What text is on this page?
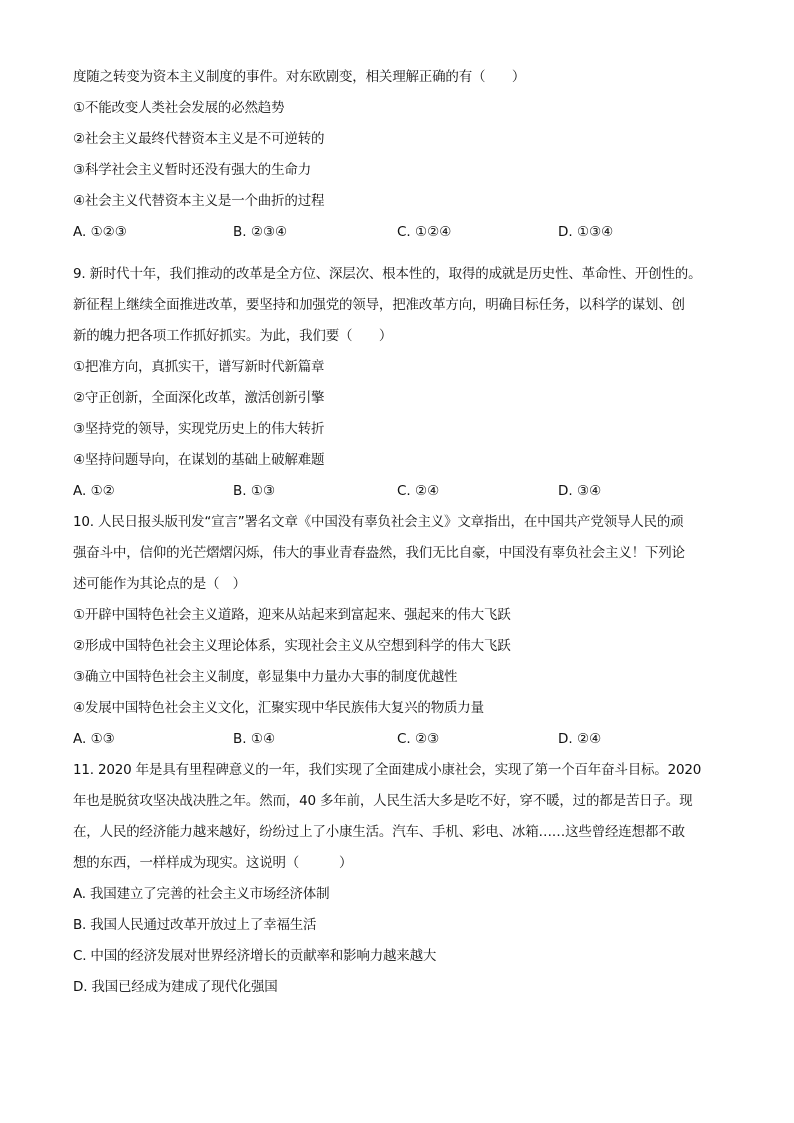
度随之转变为资本主义制度的事件。对东欧剧变，相关理解正确的有（　　）
①不能改变人类社会发展的必然趋势
②社会主义最终代替资本主义是不可逆转的
③科学社会主义暂时还没有强大的生命力
④社会主义代替资本主义是一个曲折的过程
A. ①②③	B. ②③④	C. ①②④	D. ①③④
9. 新时代十年，我们推动的改革是全方位、深层次、根本性的，取得的成就是历史性、革命性、开创性的。
新征程上继续全面推进改革，要坚持和加强党的领导，把准改革方向，明确目标任务，以科学的谋划、创
新的魄力把各项工作抓好抓实。为此，我们要（　　）
①把准方向，真抓实干，谱写新时代新篇章
②守正创新，全面深化改革，激活创新引擎
③坚持党的领导，实现党历史上的伟大转折
④坚持问题导向，在谋划的基础上破解难题
A. ①②	B. ①③	C. ②④	D. ③④
10. 人民日报头版刊发“宣言”署名文章《中国没有辜负社会主义》文章指出，在中国共产党领导人民的顽
强奋斗中，信仰的光芒熠熠闪烁，伟大的事业青春盎然，我们无比自豪，中国没有辜负社会主义！下列论
述可能作为其论点的是（　）
①开辟中国特色社会主义道路，迎来从站起来到富起来、强起来的伟大飞跃
②形成中国特色社会主义理论体系，实现社会主义从空想到科学的伟大飞跃
③确立中国特色社会主义制度，彰显集中力量办大事的制度优越性
④发展中国特色社会主义文化，汇聚实现中华民族伟大复兴的物质力量
A. ①③	B. ①④	C. ②③	D. ②④
11. 2020 年是具有里程碑意义的一年，我们实现了全面建成小康社会，实现了第一个百年奋斗目标。2020
年也是脱贫攻坚决战决胜之年。然而，40 多年前，人民生活大多是吃不好，穿不暖，过的都是苦日子。现
在，人民的经济能力越来越好，纷纷过上了小康生活。汽车、手机、彩电、冰箱……这些曾经连想都不敢
想的东西，一样样成为现实。这说明（　　　）
A. 我国建立了完善的社会主义市场经济体制
B. 我国人民通过改革开放过上了幸福生活
C. 中国的经济发展对世界经济增长的贡献率和影响力越来越大
D. 我国已经成为建成了现代化强国
